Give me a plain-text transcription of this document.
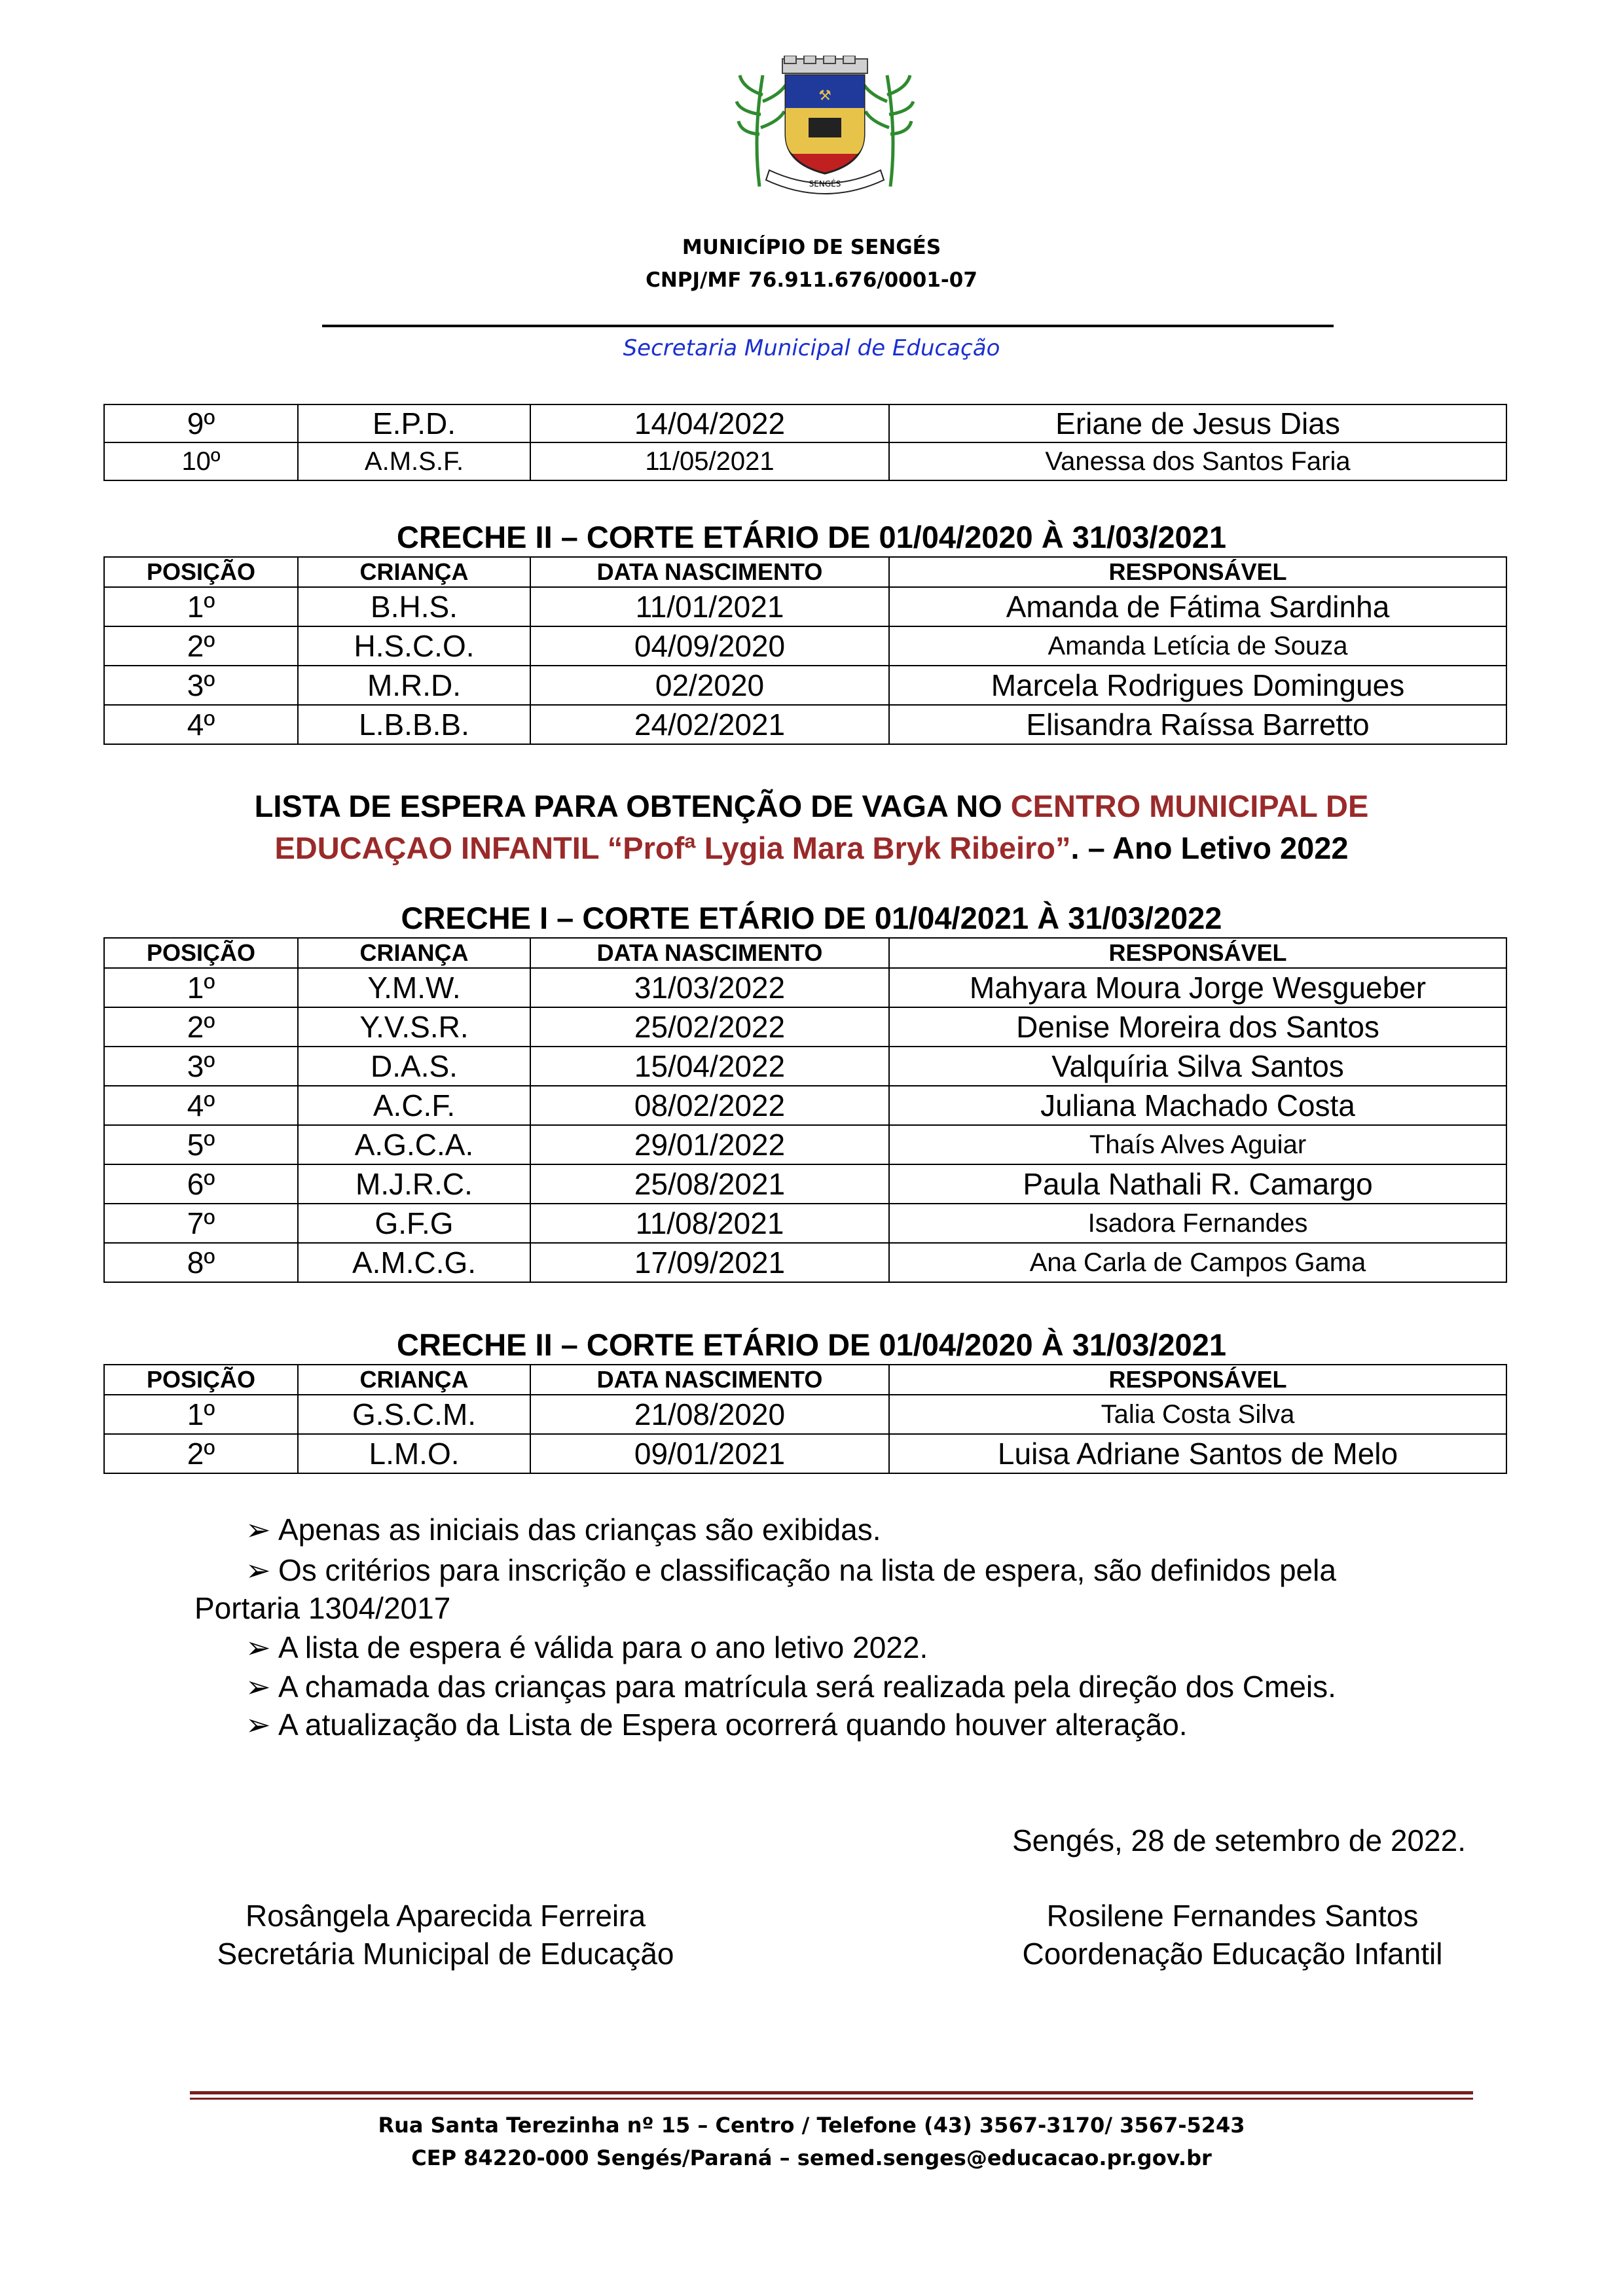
⚒
SENGÉS
MUNICÍPIO DE SENGÉS
CNPJ/MF 76.911.676/0001-07
Secretaria Municipal de Educação
9º	E.P.D.	14/04/2022	Eriane de Jesus Dias
10º	A.M.S.F.	11/05/2021	Vanessa dos Santos Faria
CRECHE II – CORTE ETÁRIO DE 01/04/2020 À 31/03/2021
POSIÇÃO	CRIANÇA	DATA NASCIMENTO	RESPONSÁVEL
1º	B.H.S.	11/01/2021	Amanda de Fátima Sardinha
2º	H.S.C.O.	04/09/2020	Amanda Letícia de Souza
3º	M.R.D.	02/2020	Marcela Rodrigues Domingues
4º	L.B.B.B.	24/02/2021	Elisandra Raíssa Barretto
LISTA DE ESPERA PARA OBTENÇÃO DE VAGA NO CENTRO MUNICIPAL DE
EDUCAÇAO INFANTIL “Profª Lygia Mara Bryk Ribeiro”. – Ano Letivo 2022
CRECHE I – CORTE ETÁRIO DE 01/04/2021 À 31/03/2022
POSIÇÃO	CRIANÇA	DATA NASCIMENTO	RESPONSÁVEL
1º	Y.M.W.	31/03/2022	Mahyara Moura Jorge Wesgueber
2º	Y.V.S.R.	25/02/2022	Denise Moreira dos Santos
3º	D.A.S.	15/04/2022	Valquíria Silva Santos
4º	A.C.F.	08/02/2022	Juliana Machado Costa
5º	A.G.C.A.	29/01/2022	Thaís Alves Aguiar
6º	M.J.R.C.	25/08/2021	Paula Nathali R. Camargo
7º	G.F.G	11/08/2021	Isadora Fernandes
8º	A.M.C.G.	17/09/2021	Ana Carla de Campos Gama
CRECHE II – CORTE ETÁRIO DE 01/04/2020 À 31/03/2021
POSIÇÃO	CRIANÇA	DATA NASCIMENTO	RESPONSÁVEL
1º	G.S.C.M.	21/08/2020	Talia Costa Silva
2º	L.M.O.	09/01/2021	Luisa Adriane Santos de Melo
➢ Apenas as iniciais das crianças são exibidas.
➢ Os critérios para inscrição e classificação na lista de espera, são definidos pela
Portaria 1304/2017
➢ A lista de espera é válida para o ano letivo 2022.
➢ A chamada das crianças para matrícula será realizada pela direção dos Cmeis.
➢ A atualização da Lista de Espera ocorrerá quando houver alteração.
Sengés, 28 de setembro de 2022.
Rosângela Aparecida Ferreira
Secretária Municipal de Educação
Rosilene Fernandes Santos
Coordenação Educação Infantil
Rua Santa Terezinha nº 15 – Centro / Telefone (43) 3567-3170/ 3567-5243
CEP 84220-000 Sengés/Paraná – semed.senges@educacao.pr.gov.br
